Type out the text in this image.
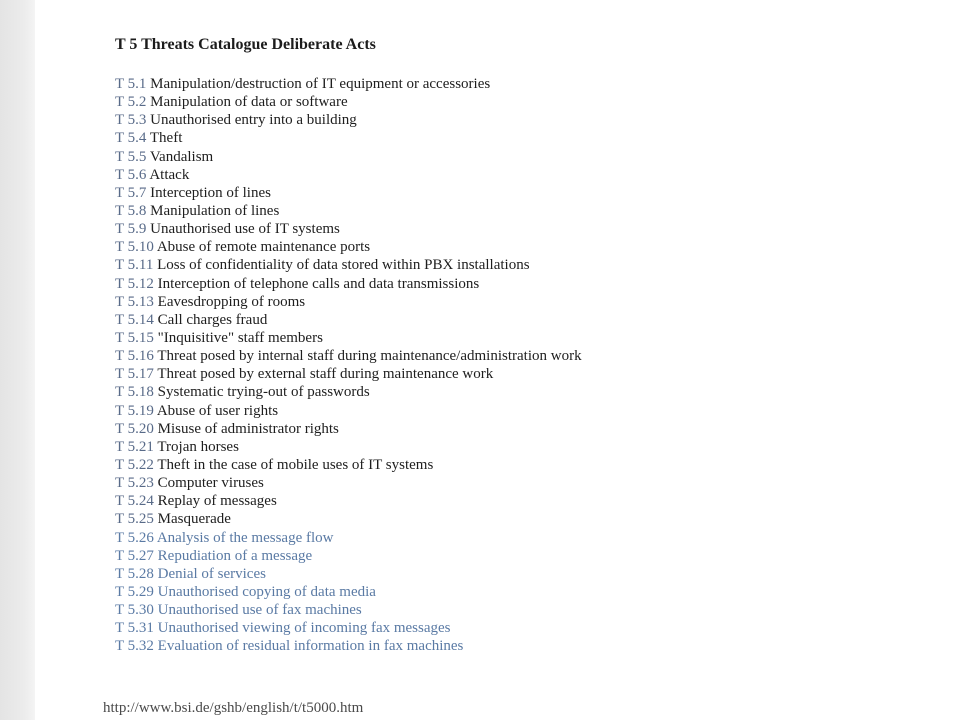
T 5 Threats Catalogue Deliberate Acts
T 5.1 Manipulation/destruction of IT equipment or accessories
T 5.2 Manipulation of data or software
T 5.3 Unauthorised entry into a building
T 5.4 Theft
T 5.5 Vandalism
T 5.6 Attack
T 5.7 Interception of lines
T 5.8 Manipulation of lines
T 5.9 Unauthorised use of IT systems
T 5.10 Abuse of remote maintenance ports
T 5.11 Loss of confidentiality of data stored within PBX installations
T 5.12 Interception of telephone calls and data transmissions
T 5.13 Eavesdropping of rooms
T 5.14 Call charges fraud
T 5.15 "Inquisitive" staff members
T 5.16 Threat posed by internal staff during maintenance/administration work
T 5.17 Threat posed by external staff during maintenance work
T 5.18 Systematic trying-out of passwords
T 5.19 Abuse of user rights
T 5.20 Misuse of administrator rights
T 5.21 Trojan horses
T 5.22 Theft in the case of mobile uses of IT systems
T 5.23 Computer viruses
T 5.24 Replay of messages
T 5.25 Masquerade
T 5.26 Analysis of the message flow
T 5.27 Repudiation of a message
T 5.28 Denial of services
T 5.29 Unauthorised copying of data media
T 5.30 Unauthorised use of fax machines
T 5.31 Unauthorised viewing of incoming fax messages
T 5.32 Evaluation of residual information in fax machines
http://www.bsi.de/gshb/english/t/t5000.htm
